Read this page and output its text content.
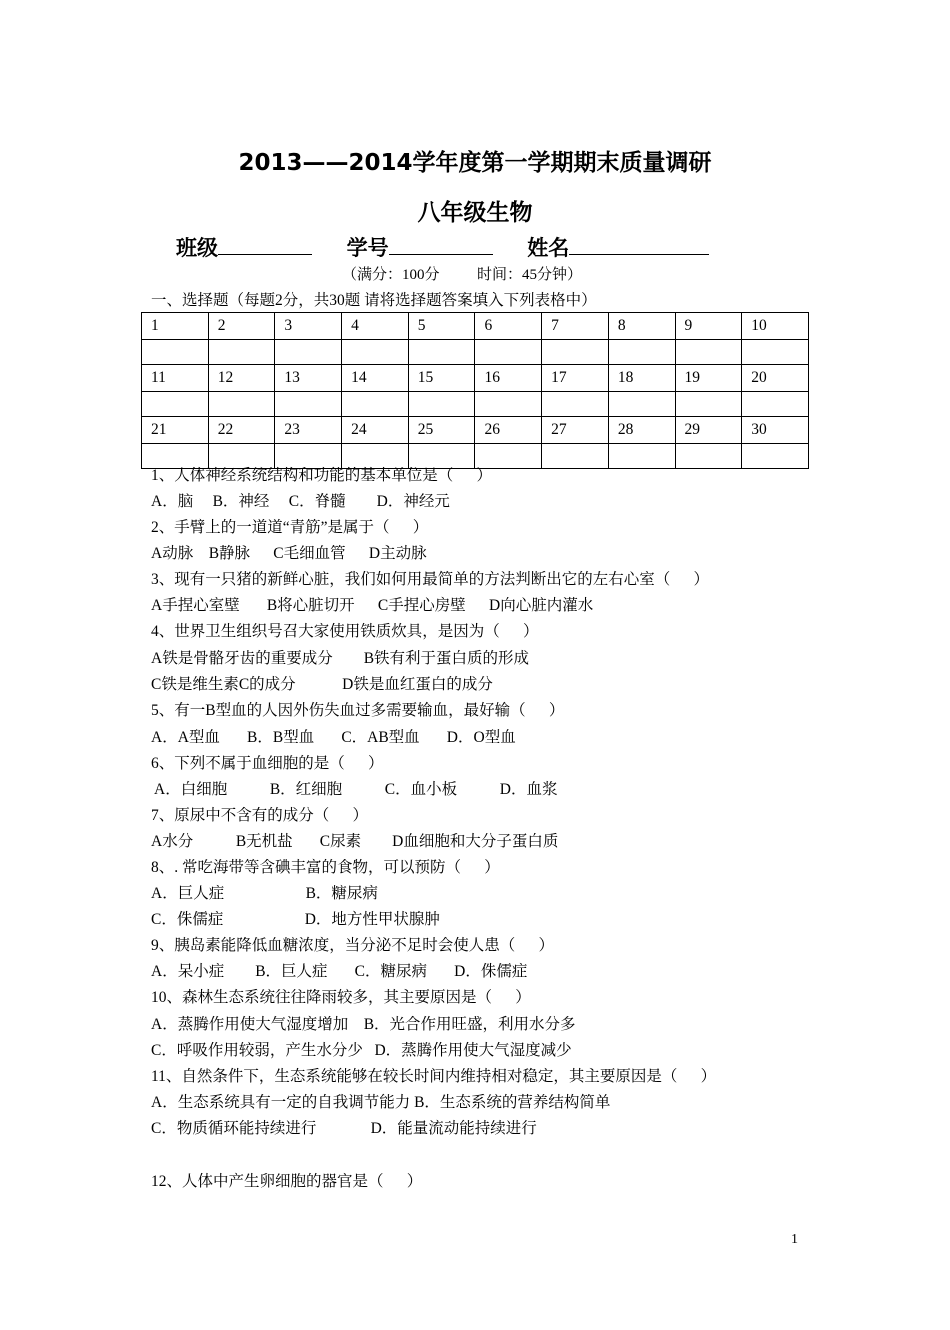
2013——2014学年度第一学期期末质量调研
八年级生物
班级	学号	姓名
（满分：100分	时间：45分钟）
一、选择题（每题2分，共30题 请将选择题答案填入下列表格中）
1	2	3	4	5	6	7	8	9	10

11	12	13	14	15	16	17	18	19	20

21	22	23	24	25	26	27	28	29	30

1、人体神经系统结构和功能的基本单位是（      ）
A．脑     B．神经     C．脊髓        D．神经元
2、手臂上的一道道“青筋”是属于（      ）
A动脉    B静脉      C毛细血管      D主动脉
3、现有一只猪的新鲜心脏，我们如何用最简单的方法判断出它的左右心室（      ）
A手捏心室壁       B将心脏切开      C手捏心房壁      D向心脏内灌水
4、世界卫生组织号召大家使用铁质炊具，是因为（      ）
A铁是骨骼牙齿的重要成分        B铁有利于蛋白质的形成
C铁是维生素C的成分            D铁是血红蛋白的成分
5、有一B型血的人因外伤失血过多需要输血，最好输（      ）
A．A型血       B．B型血       C．AB型血       D．O型血
6、下列不属于血细胞的是（      ）
A．白细胞           B．红细胞           C．血小板           D．血浆
7、原尿中不含有的成分（      ）
A水分           B无机盐       C尿素        D血细胞和大分子蛋白质
8、. 常吃海带等含碘丰富的食物，可以预防（      ）
A．巨人症                     B．糖尿病
C．侏儒症                     D．地方性甲状腺肿
9、胰岛素能降低血糖浓度，当分泌不足时会使人患（      ）
A．呆小症        B．巨人症       C．糖尿病       D．侏儒症
10、森林生态系统往往降雨较多，其主要原因是（      ）
A．蒸腾作用使大气湿度增加    B．光合作用旺盛，利用水分多
C．呼吸作用较弱，产生水分少   D．蒸腾作用使大气湿度减少
11、自然条件下，生态系统能够在较长时间内维持相对稳定，其主要原因是（      ）
A．生态系统具有一定的自我调节能力 B．生态系统的营养结构简单
C．物质循环能持续进行              D．能量流动能持续进行
12、人体中产生卵细胞的器官是（      ）
1
